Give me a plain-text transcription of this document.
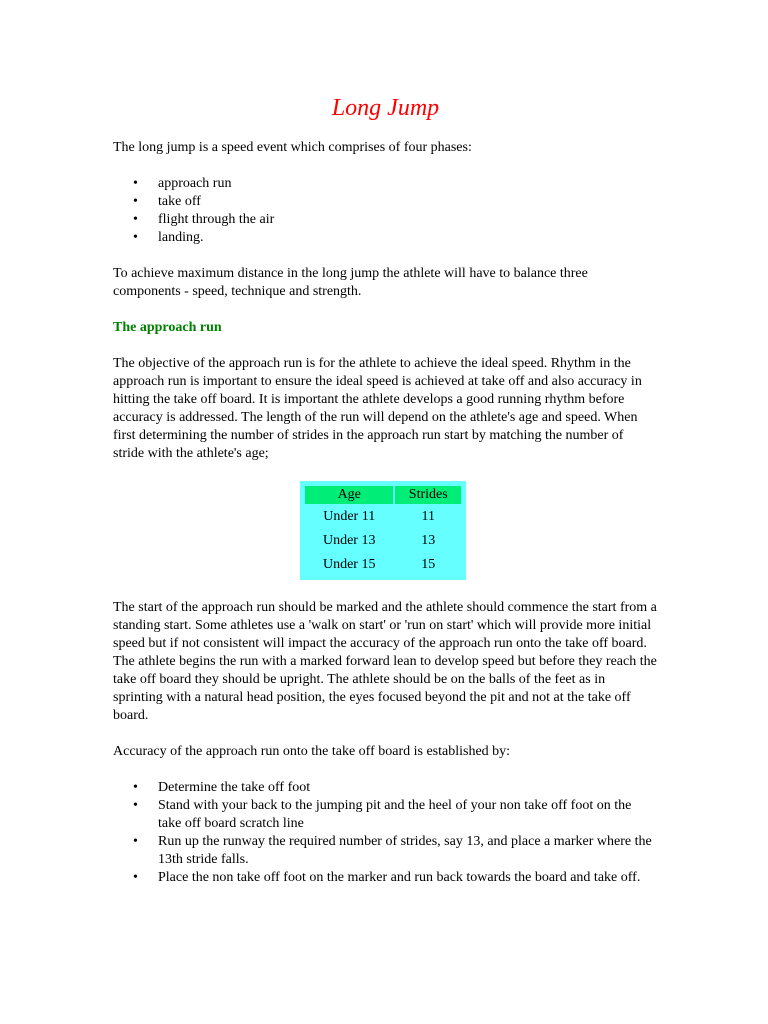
Long Jump

The long jump is a speed event which comprises of four phases:

• approach run
• take off
• flight through the air
• landing.

To achieve maximum distance in the long jump the athlete will have to balance three components - speed, technique and strength.

The approach run

The objective of the approach run is for the athlete to achieve the ideal speed. Rhythm in the approach run is important to ensure the ideal speed is achieved at take off and also accuracy in hitting the take off board. It is important the athlete develops a good running rhythm before accuracy is addressed. The length of the run will depend on the athlete's age and speed. When first determining the number of strides in the approach run start by matching the number of stride with the athlete's age;

Age	Strides
Under 11	11
Under 13	13
Under 15	15

The start of the approach run should be marked and the athlete should commence the start from a standing start. Some athletes use a 'walk on start' or 'run on start' which will provide more initial speed but if not consistent will impact the accuracy of the approach run onto the take off board. The athlete begins the run with a marked forward lean to develop speed but before they reach the take off board they should be upright. The athlete should be on the balls of the feet as in sprinting with a natural head position, the eyes focused beyond the pit and not at the take off board.

Accuracy of the approach run onto the take off board is established by:

• Determine the take off foot
• Stand with your back to the jumping pit and the heel of your non take off foot on the take off board scratch line
• Run up the runway the required number of strides, say 13, and place a marker where the 13th stride falls.
• Place the non take off foot on the marker and run back towards the board and take off.
